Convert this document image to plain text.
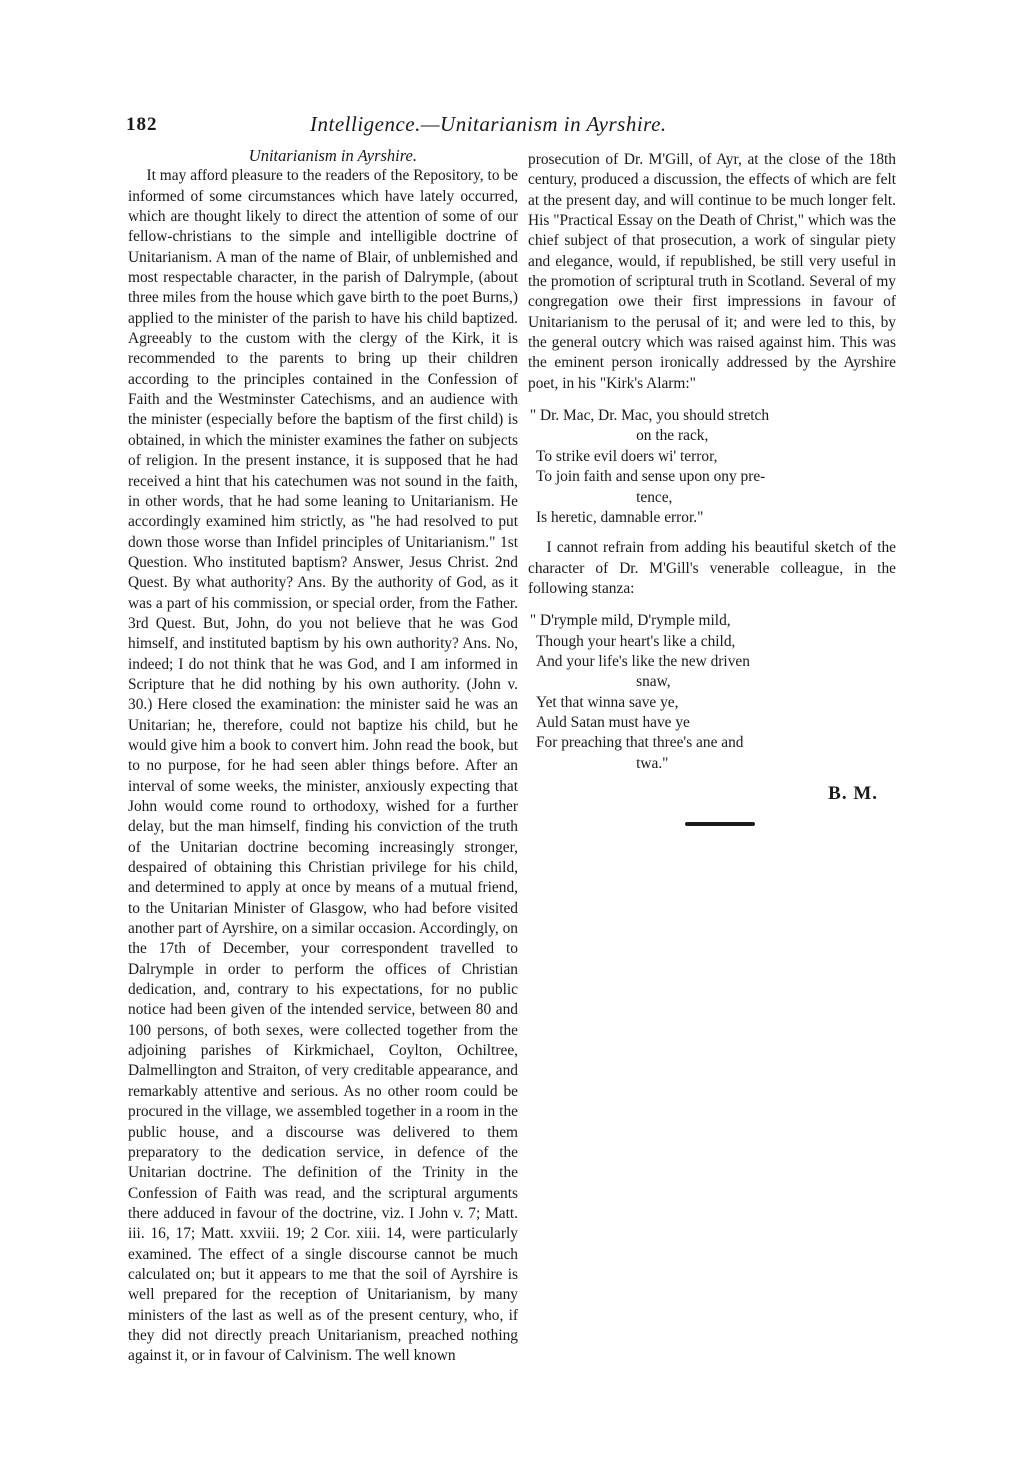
182	Intelligence.—Unitarianism in Ayrshire.

Unitarianism in Ayrshire.

It may afford pleasure to the readers of the Repository, to be informed of some circumstances which have lately occurred, which are thought likely to direct the attention of some of our fellow-christians to the simple and intelligible doctrine of Unitarianism. A man of the name of Blair, of unblemished and most respectable character, in the parish of Dalrymple, (about three miles from the house which gave birth to the poet Burns,) applied to the minister of the parish to have his child baptized. Agreeably to the custom with the clergy of the Kirk, it is recommended to the parents to bring up their children according to the principles contained in the Confession of Faith and the Westminster Catechisms, and an audience with the minister (especially before the baptism of the first child) is obtained, in which the minister examines the father on subjects of religion. In the present instance, it is supposed that he had received a hint that his catechumen was not sound in the faith, in other words, that he had some leaning to Unitarianism. He accordingly examined him strictly, as "he had resolved to put down those worse than Infidel principles of Unitarianism." 1st Question. Who instituted baptism? Answer, Jesus Christ. 2nd Quest. By what authority? Ans. By the authority of God, as it was a part of his commission, or special order, from the Father. 3rd Quest. But, John, do you not believe that he was God himself, and instituted baptism by his own authority? Ans. No, indeed; I do not think that he was God, and I am informed in Scripture that he did nothing by his own authority. (John v. 30.) Here closed the examination: the minister said he was an Unitarian; he, therefore, could not baptize his child, but he would give him a book to convert him. John read the book, but to no purpose, for he had seen abler things before. After an interval of some weeks, the minister, anxiously expecting that John would come round to orthodoxy, wished for a further delay, but the man himself, finding his conviction of the truth of the Unitarian doctrine becoming increasingly stronger, despaired of obtaining this Christian privilege for his child, and determined to apply at once by means of a mutual friend, to the Unitarian Minister of Glasgow, who had before visited another part of Ayrshire, on a similar occasion. Accordingly, on the 17th of December, your correspondent travelled to Dalrymple in order to perform the offices of Christian dedication, and, contrary to his expectations, for no public notice had been given of the intended service, between 80 and 100 persons, of both sexes, were collected together from the adjoining parishes of Kirkmichael, Coylton, Ochiltree, Dalmellington and Straiton, of very creditable appearance, and remarkably attentive and serious. As no other room could be procured in the village, we assembled together in a room in the public house, and a discourse was delivered to them preparatory to the dedication service, in defence of the Unitarian doctrine. The definition of the Trinity in the Confession of Faith was read, and the scriptural arguments there adduced in favour of the doctrine, viz. I John v. 7; Matt. iii. 16, 17; Matt. xxviii. 19; 2 Cor. xiii. 14, were particularly examined. The effect of a single discourse cannot be much calculated on; but it appears to me that the soil of Ayrshire is well prepared for the reception of Unitarianism, by many ministers of the last as well as of the present century, who, if they did not directly preach Unitarianism, preached nothing against it, or in favour of Calvinism. The well known

prosecution of Dr. M'Gill, of Ayr, at the close of the 18th century, produced a discussion, the effects of which are felt at the present day, and will continue to be much longer felt. His "Practical Essay on the Death of Christ," which was the chief subject of that prosecution, a work of singular piety and elegance, would, if republished, be still very useful in the promotion of scriptural truth in Scotland. Several of my congregation owe their first impressions in favour of Unitarianism to the perusal of it; and were led to this, by the general outcry which was raised against him. This was the eminent person ironically addressed by the Ayrshire poet, in his "Kirk's Alarm:"

" Dr. Mac, Dr. Mac, you should stretch
on the rack,
To strike evil doers wi' terror,
To join faith and sense upon ony pre-
tence,
Is heretic, damnable error."

I cannot refrain from adding his beautiful sketch of the character of Dr. M'Gill's venerable colleague, in the following stanza:

" D'rymple mild, D'rymple mild,
Though your heart's like a child,
And your life's like the new driven
snaw,
Yet that winna save ye,
Auld Satan must have ye
For preaching that three's ane and
twa."
B. M.
